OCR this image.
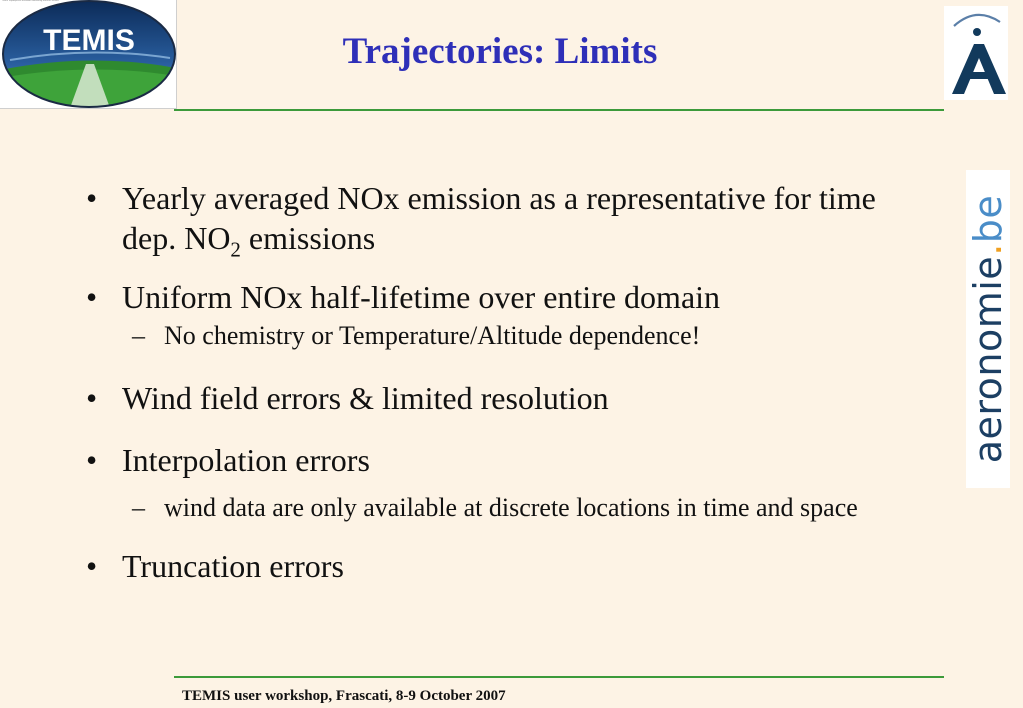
TEMIS
TEMIS Tropospheric Emission Monitoring Internet Service
Trajectories: Limits
• Yearly averaged NOx emission as a representative for time dep. $NO_2$ emissions
• Uniform NOx half-lifetime over entire domain
– No chemistry or Temperature/Altitude dependence!
• Wind field errors & limited resolution
• Interpolation errors
– wind data are only available at discrete locations in time and space
• Truncation errors
aeronomie.be
TEMIS user workshop, Frascati, 8-9 October 2007
